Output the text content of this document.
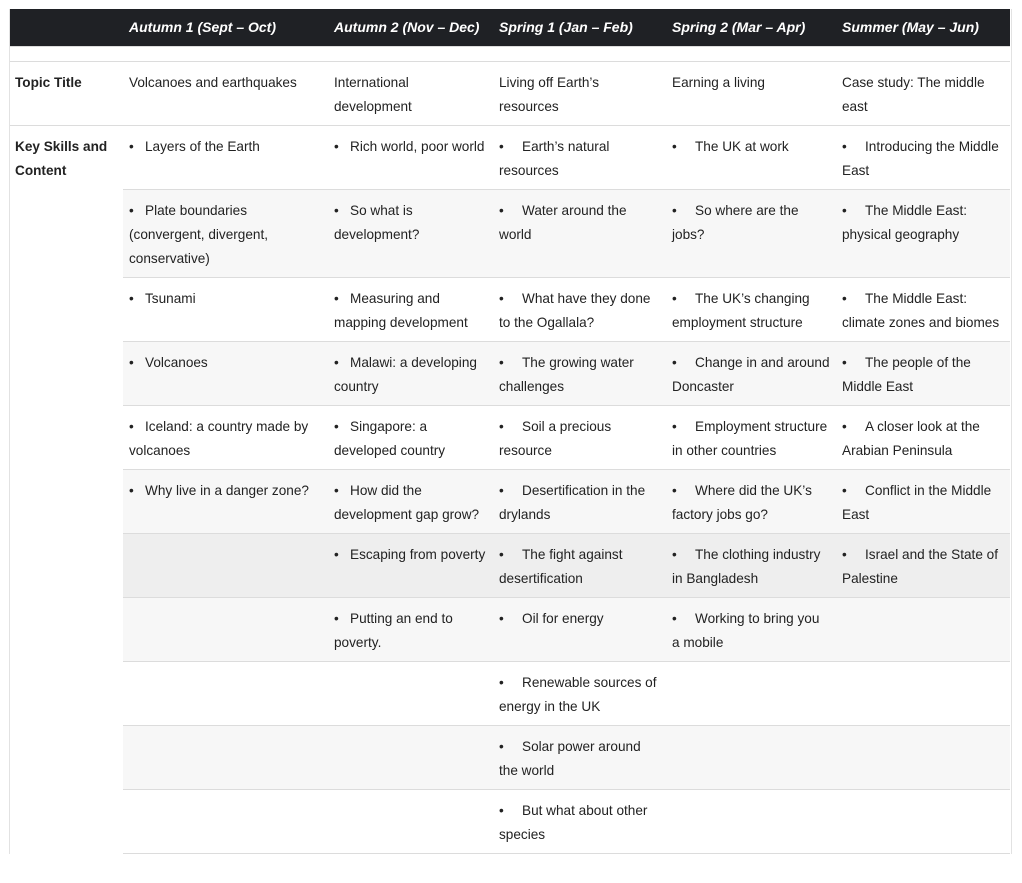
	Autumn 1 (Sept – Oct)	Autumn 2 (Nov – Dec)	Spring 1 (Jan – Feb)	Spring 2 (Mar – Apr)	Summer (May – Jun)

Topic Title	Volcanoes and earthquakes	International development	Living off Earth’s resources	Earning a living	Case study: The middle east
Key Skills and Content	• Layers of the Earth	• Rich world, poor world	• Earth’s natural resources	• The UK at work	• Introducing the Middle East
	• Plate boundaries (convergent, divergent, conservative)	• So what is development?	• Water around the world	• So where are the jobs?	• The Middle East: physical geography
	• Tsunami	• Measuring and mapping development	• What have they done to the Ogallala?	• The UK’s changing employment structure	• The Middle East: climate zones and biomes
	• Volcanoes	• Malawi: a developing country	• The growing water challenges	• Change in and around Doncaster	• The people of the Middle East
	• Iceland: a country made by volcanoes	• Singapore: a developed country	• Soil a precious resource	• Employment structure in other countries	• A closer look at the Arabian Peninsula
	• Why live in a danger zone?	• How did the development gap grow?	• Desertification in the drylands	• Where did the UK’s factory jobs go?	• Conflict in the Middle East
		• Escaping from poverty	• The fight against desertification	• The clothing industry in Bangladesh	• Israel and the State of Palestine
		• Putting an end to poverty.	• Oil for energy	• Working to bring you a mobile	
			• Renewable sources of energy in the UK		
			• Solar power around the world		
			• But what about other species		
